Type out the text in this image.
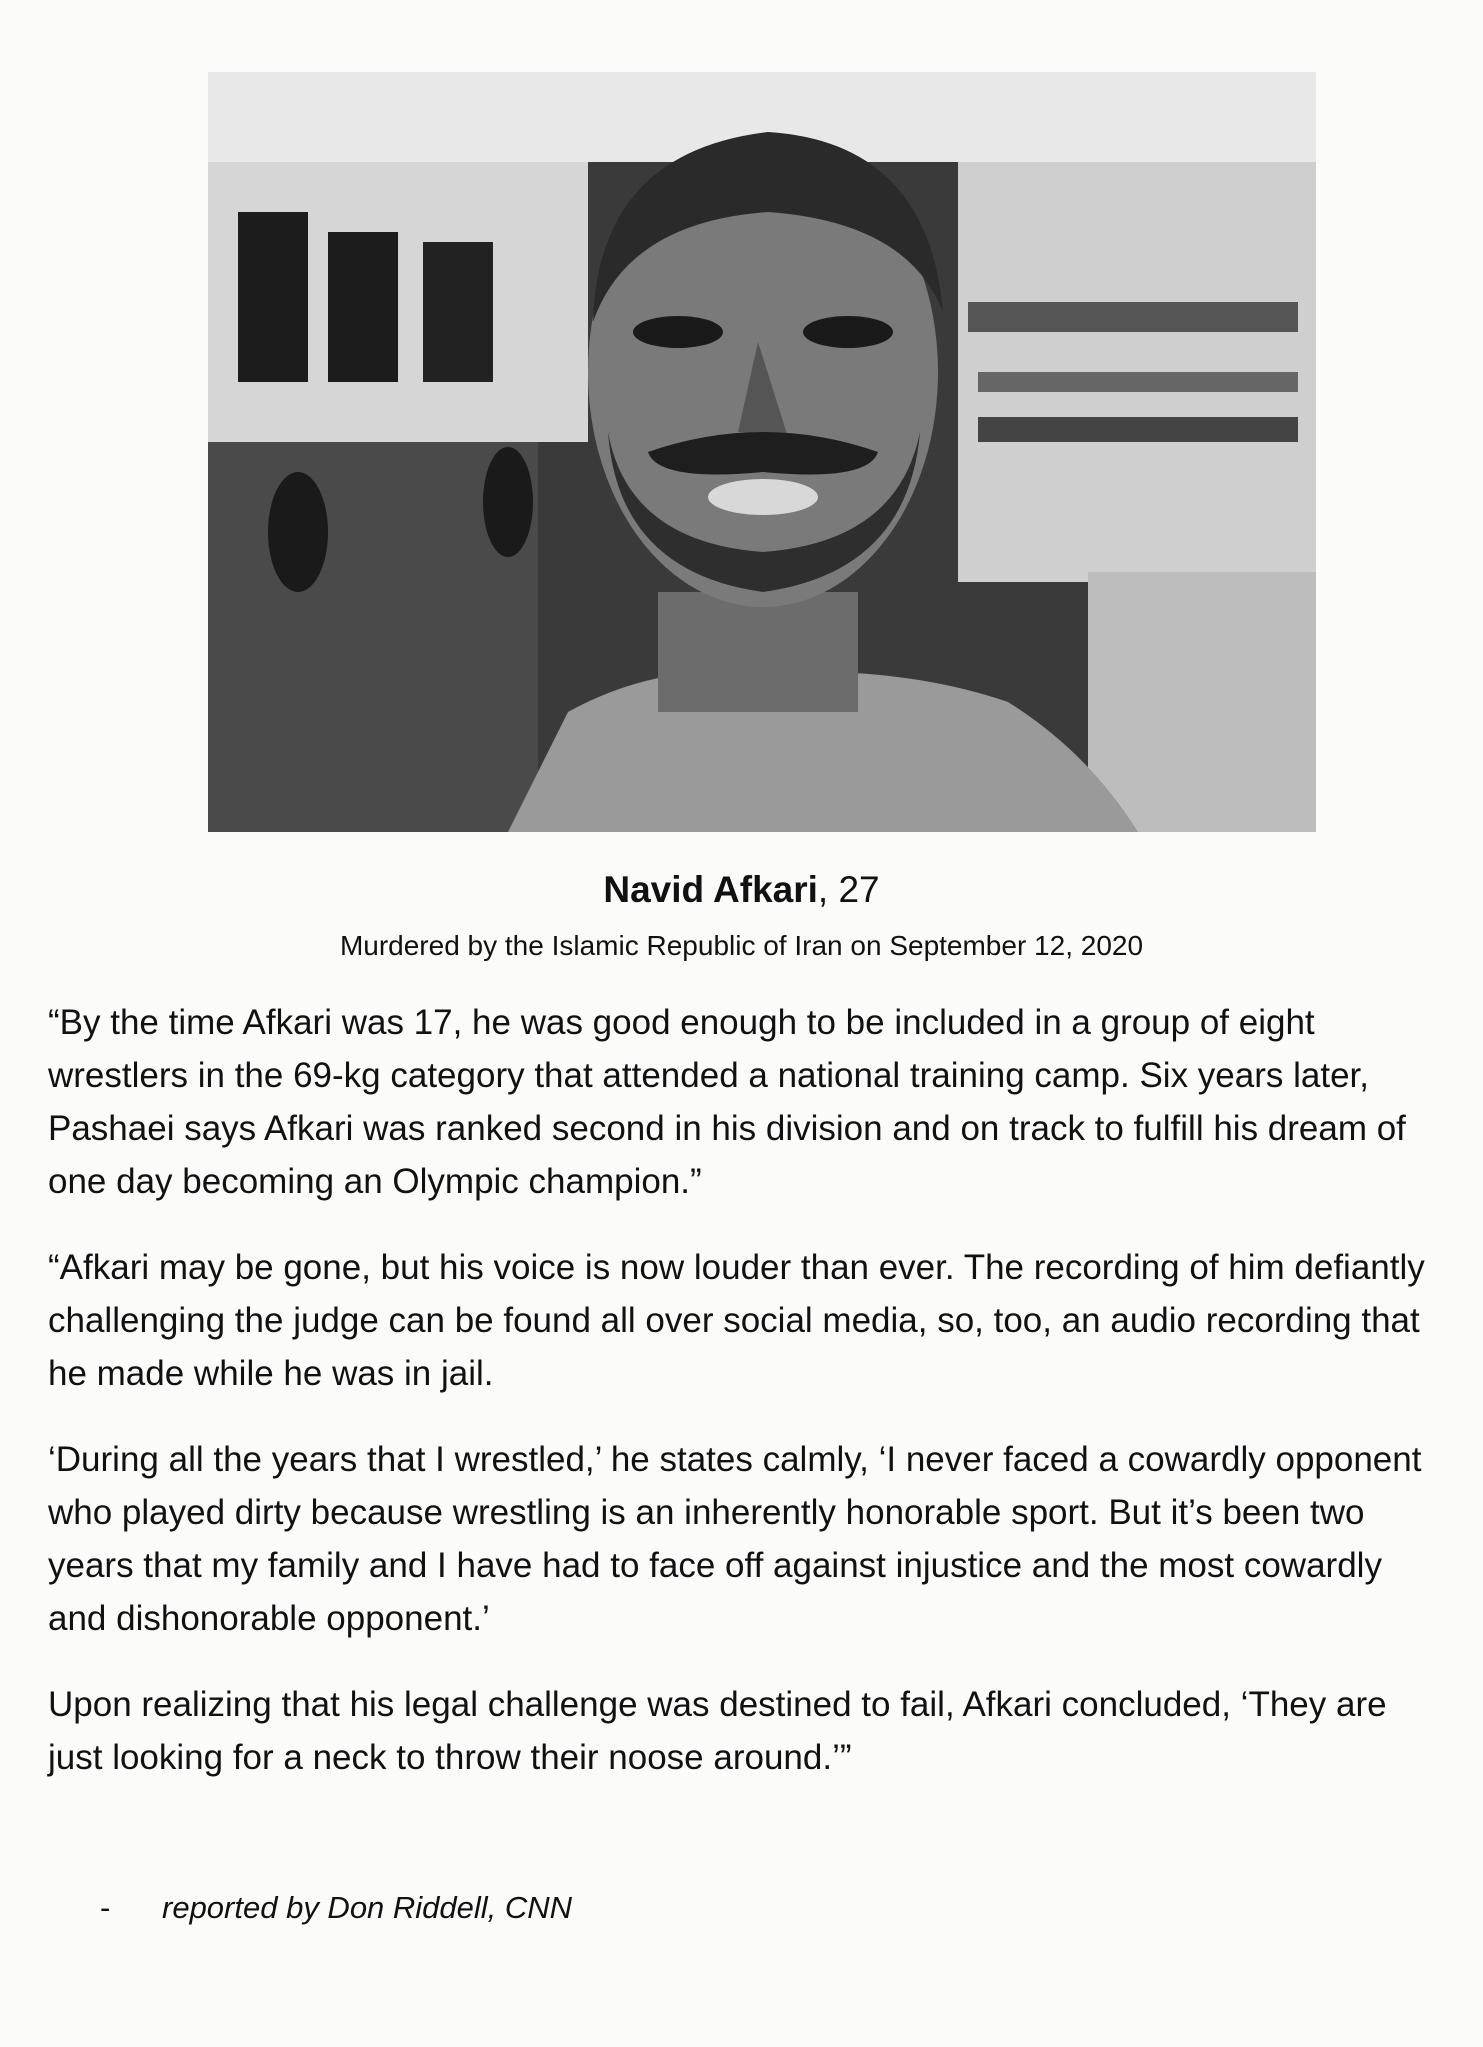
Navid Afkari, 27
Murdered by the Islamic Republic of Iran on September 12, 2020

“By the time Afkari was 17, he was good enough to be included in a group of eight wrestlers in the 69-kg category that attended a national training camp. Six years later, Pashaei says Afkari was ranked second in his division and on track to fulfill his dream of one day becoming an Olympic champion.”

“Afkari may be gone, but his voice is now louder than ever. The recording of him defiantly challenging the judge can be found all over social media, so, too, an audio recording that he made while he was in jail.

‘During all the years that I wrestled,’ he states calmly, ‘I never faced a cowardly opponent who played dirty because wrestling is an inherently honorable sport. But it’s been two years that my family and I have had to face off against injustice and the most cowardly and dishonorable opponent.’

Upon realizing that his legal challenge was destined to fail, Afkari concluded, ‘They are just looking for a neck to throw their noose around.’”

- reported by Don Riddell, CNN
